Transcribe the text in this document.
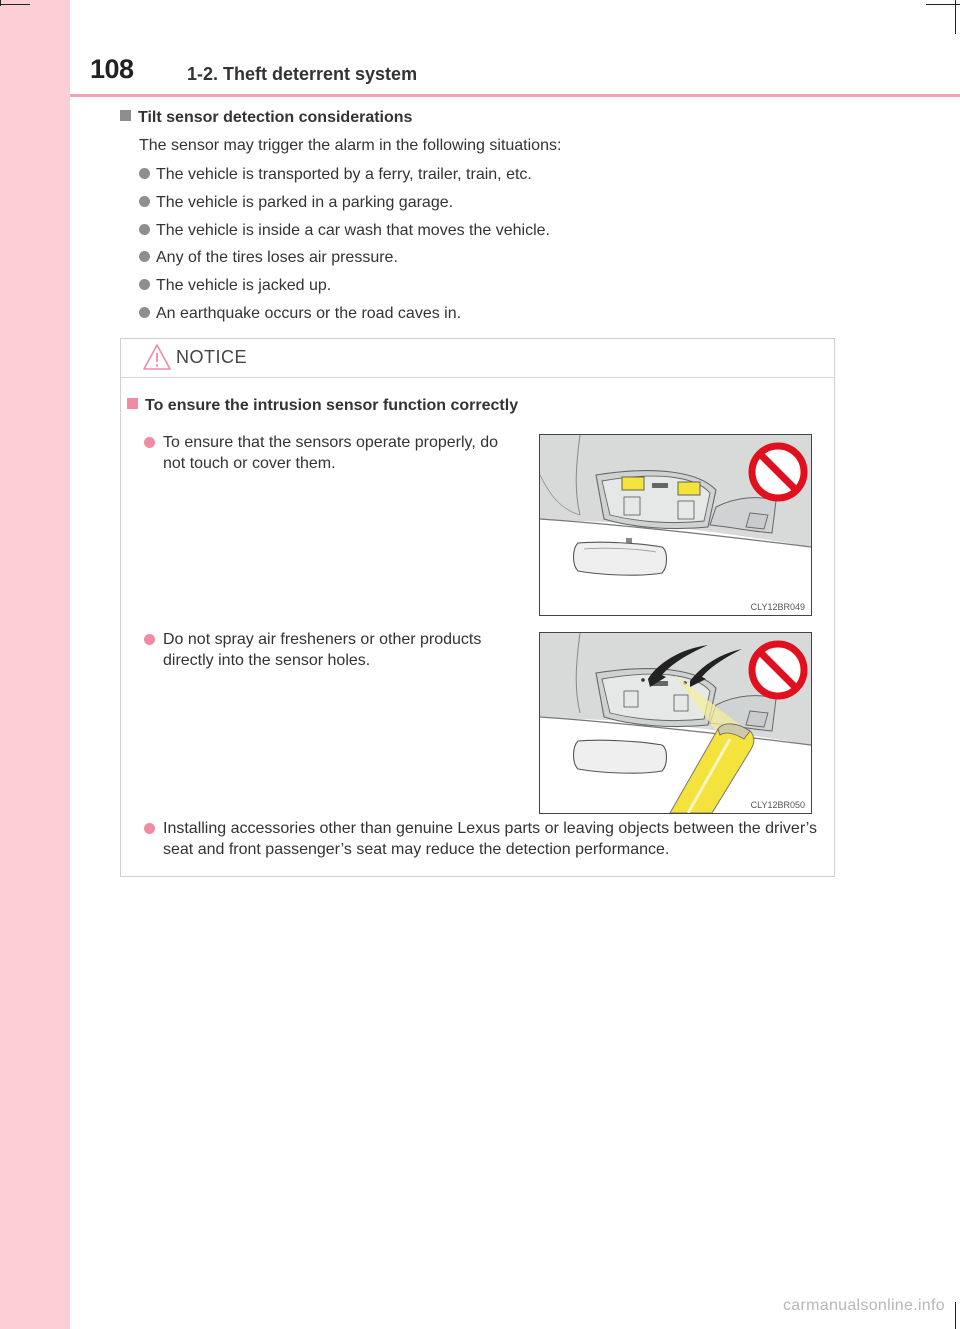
108	1-2. Theft deterrent system
Tilt sensor detection considerations
The sensor may trigger the alarm in the following situations:
The vehicle is transported by a ferry, trailer, train, etc.
The vehicle is parked in a parking garage.
The vehicle is inside a car wash that moves the vehicle.
Any of the tires loses air pressure.
The vehicle is jacked up.
An earthquake occurs or the road caves in.
NOTICE
To ensure the intrusion sensor function correctly
To ensure that the sensors operate properly, do not touch or cover them.
CLY12BR049
Do not spray air fresheners or other products directly into the sensor holes.
CLY12BR050
Installing accessories other than genuine Lexus parts or leaving objects between the driver’s seat and front passenger’s seat may reduce the detection performance.
carmanualsonline.info
